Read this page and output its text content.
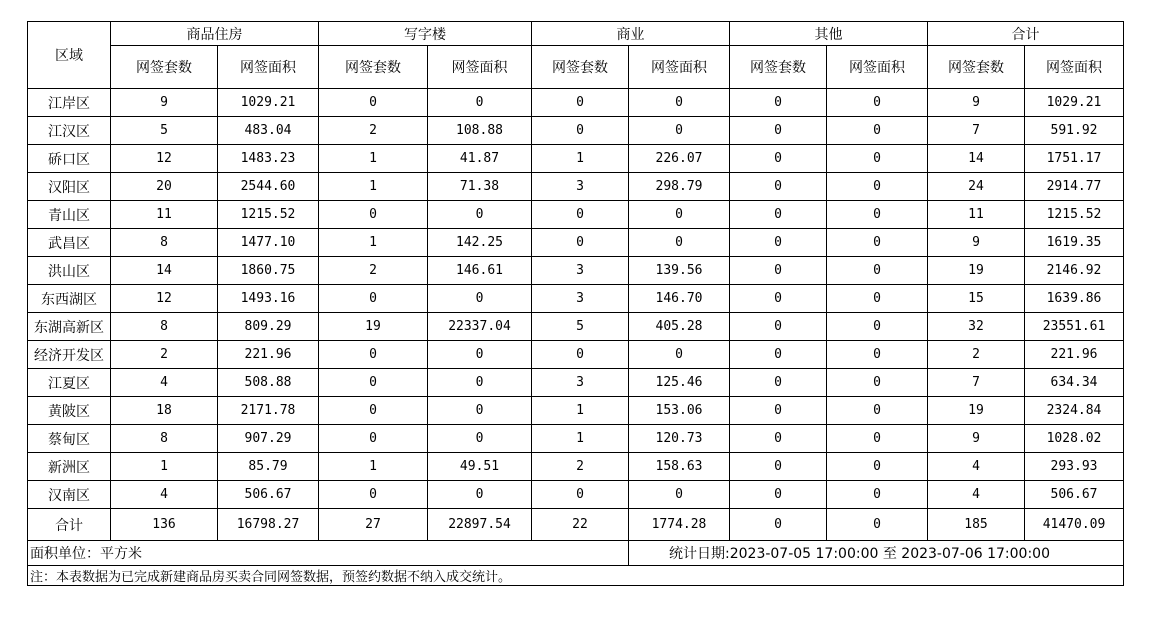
区域	商品住房		写字楼		商业		其他		合计	
	网签套数	网签面积	网签套数	网签面积	网签套数	网签面积	网签套数	网签面积	网签套数	网签面积
江岸区	9	1029.21	0	0	0	0	0	0	9	1029.21
江汉区	5	483.04	2	108.88	0	0	0	0	7	591.92
硚口区	12	1483.23	1	41.87	1	226.07	0	0	14	1751.17
汉阳区	20	2544.60	1	71.38	3	298.79	0	0	24	2914.77
青山区	11	1215.52	0	0	0	0	0	0	11	1215.52
武昌区	8	1477.10	1	142.25	0	0	0	0	9	1619.35
洪山区	14	1860.75	2	146.61	3	139.56	0	0	19	2146.92
东西湖区	12	1493.16	0	0	3	146.70	0	0	15	1639.86
东湖高新区	8	809.29	19	22337.04	5	405.28	0	0	32	23551.61
经济开发区	2	221.96	0	0	0	0	0	0	2	221.96
江夏区	4	508.88	0	0	3	125.46	0	0	7	634.34
黄陂区	18	2171.78	0	0	1	153.06	0	0	19	2324.84
蔡甸区	8	907.29	0	0	1	120.73	0	0	9	1028.02
新洲区	1	85.79	1	49.51	2	158.63	0	0	4	293.93
汉南区	4	506.67	0	0	0	0	0	0	4	506.67
合计	136	16798.27	27	22897.54	22	1774.28	0	0	185	41470.09
面积单位：平方米						统计日期:2023-07-05 17:00:00 至 2023-07-06 17:00:00				
注：本表数据为已完成新建商品房买卖合同网签数据，预签约数据不纳入成交统计。										
